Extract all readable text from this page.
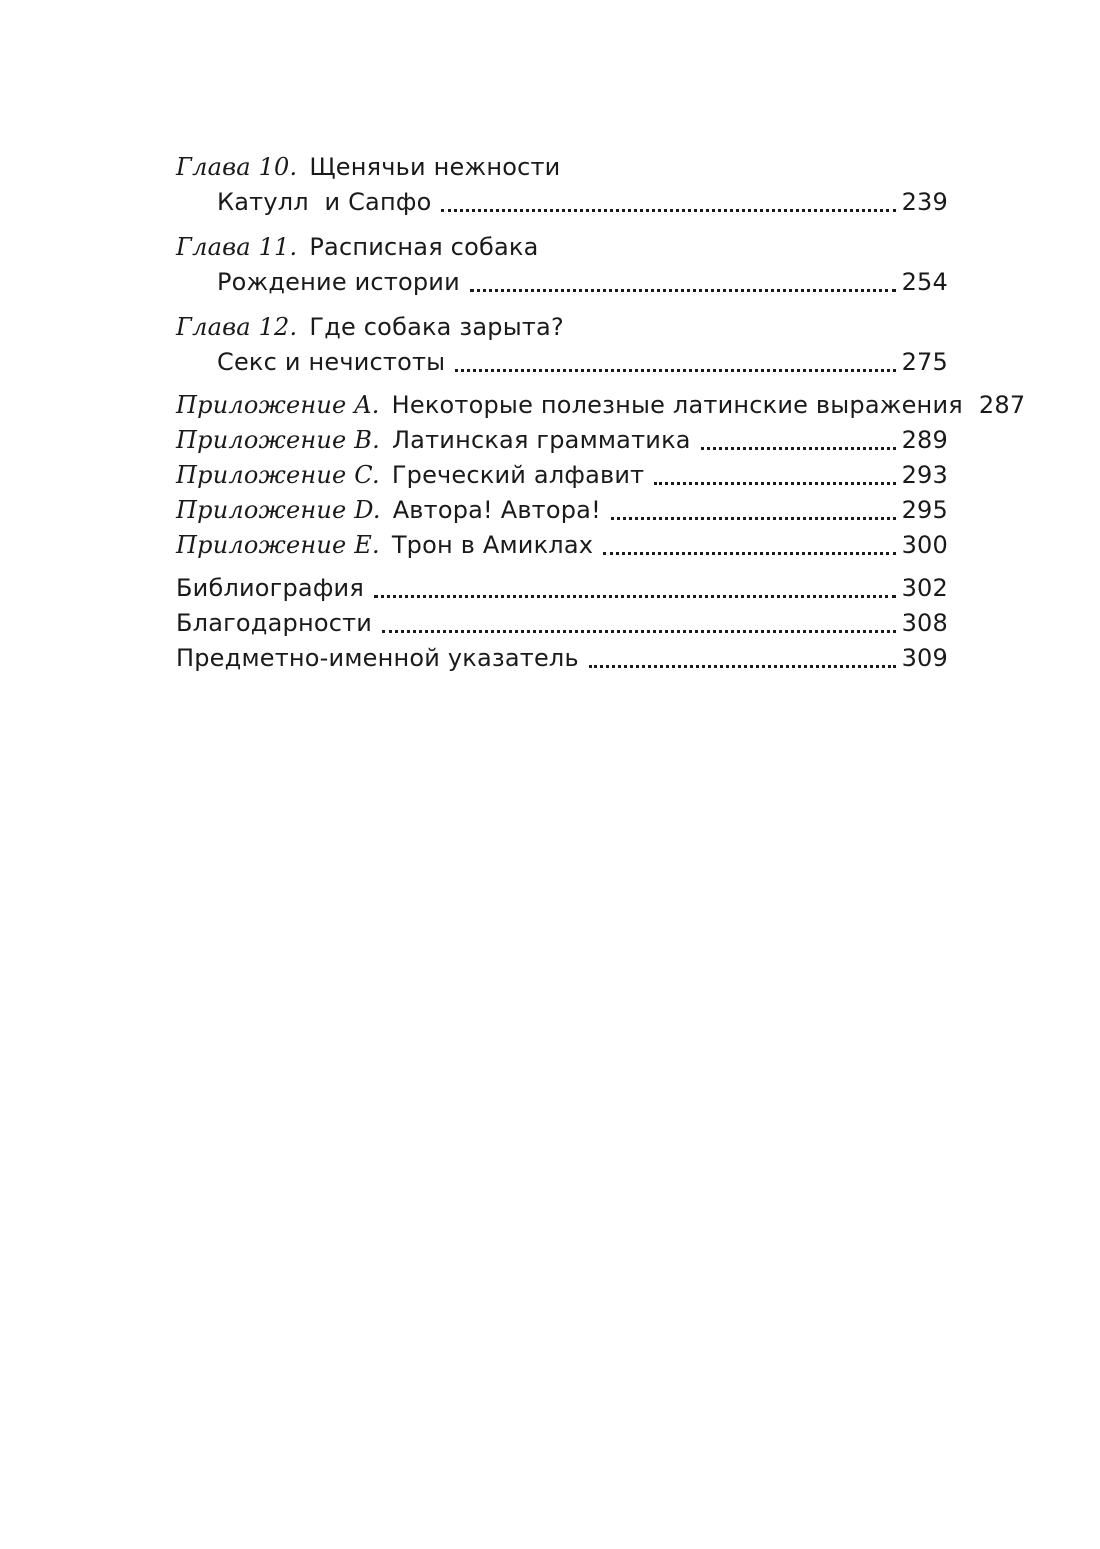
Глава 10. Щенячьи нежности
Катулл  и Сапфо	239
Глава 11. Расписная собака
Рождение истории	254
Глава 12. Где собака зарыта?
Секс и нечистоты	275
Приложение A. Некоторые полезные латинские выражения 287
Приложение B. Латинская грамматика	289
Приложение C. Греческий алфавит	293
Приложение D. Автора! Автора!	295
Приложение E. Трон в Амиклах	300
Библиография	302
Благодарности	308
Предметно-именной указатель	309
